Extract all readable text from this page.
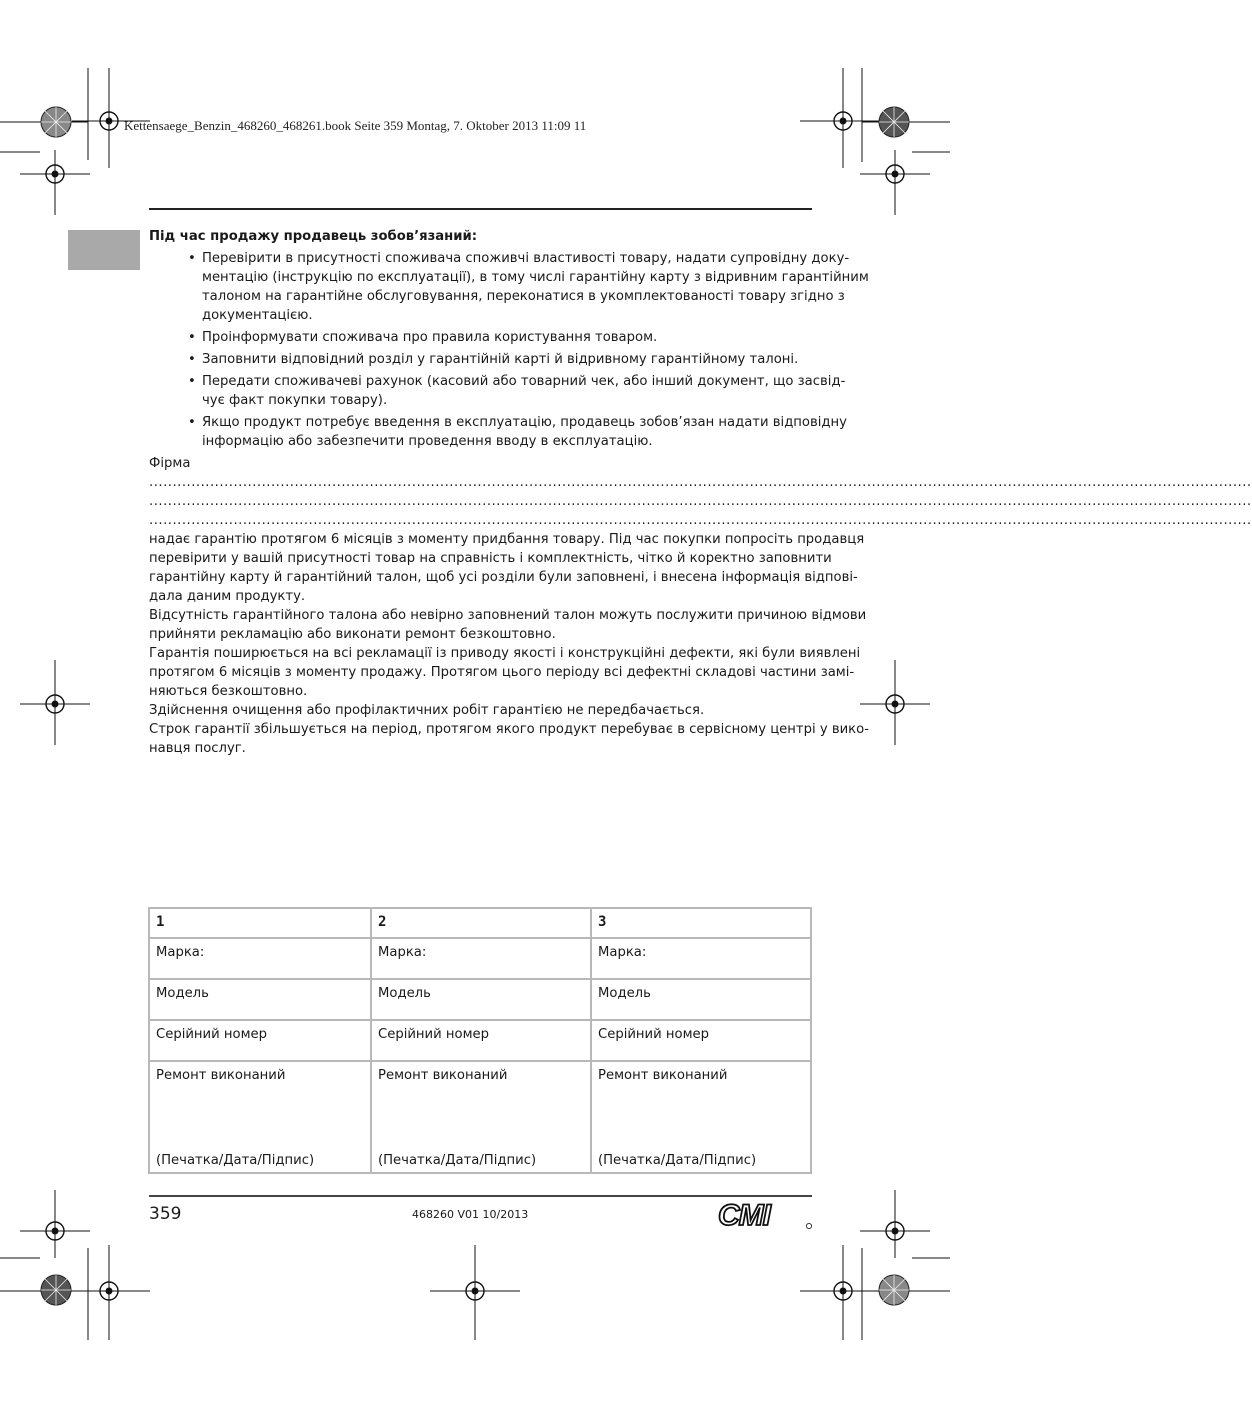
Kettensaege_Benzin_468260_468261.book Seite 359 Montag, 7. Oktober 2013 11:09 11
Під час продажу продавець зобов’язаний:
• Перевірити в присутності споживача споживчі властивості товару, надати супровідну доку-
ментацію (інструкцію по експлуатації), в тому числі гарантійну карту з відривним гарантійним
талоном на гарантійне обслуговування, переконатися в укомплектованості товару згідно з
документацією.
• Проінформувати споживача про правила користування товаром.
• Заповнити відповідний розділ у гарантійній карті й відривному гарантійному талоні.
• Передати споживачеві рахунок (касовий або товарний чек, або інший документ, що засвід-
чує факт покупки товару).
• Якщо продукт потребує введення в експлуатацію, продавець зобов’язан надати відповідну
інформацію або забезпечити проведення вводу в експлуатацію.
Фірма
...........................................................................................................................................................................................................................................
...........................................................................................................................................................................................................................................
...........................................................................................................................................................................................................................................
надає гарантію протягом 6 місяців з моменту придбання товару. Під час покупки попросіть продавця
перевірити у вашій присутності товар на справність і комплектність, чітко й коректно заповнити
гарантійну карту й гарантійний талон, щоб усі розділи були заповнені, і внесена інформація відпові-
дала даним продукту.
Відсутність гарантійного талона або невірно заповнений талон можуть послужити причиною відмови
прийняти рекламацію або виконати ремонт безкоштовно.
Гарантія поширюється на всі рекламації із приводу якості і конструкційні дефекти, які були виявлені
протягом 6 місяців з моменту продажу. Протягом цього періоду всі дефектні складові частини замі-
няються безкоштовно.
Здійснення очищення або профілактичних робіт гарантією не передбачається.
Строк гарантії збільшується на період, протягом якого продукт перебуває в сервісному центрі у вико-
навця послуг.
1
Марка:
Модель
Серійний номер
Ремонт виконаний
(Печатка/Дата/Підпис)
2
Марка:
Модель
Серійний номер
Ремонт виконаний
(Печатка/Дата/Підпис)
3
Марка:
Модель
Серійний номер
Ремонт виконаний
(Печатка/Дата/Підпис)
359	468260 V01 10/2013	CMI
